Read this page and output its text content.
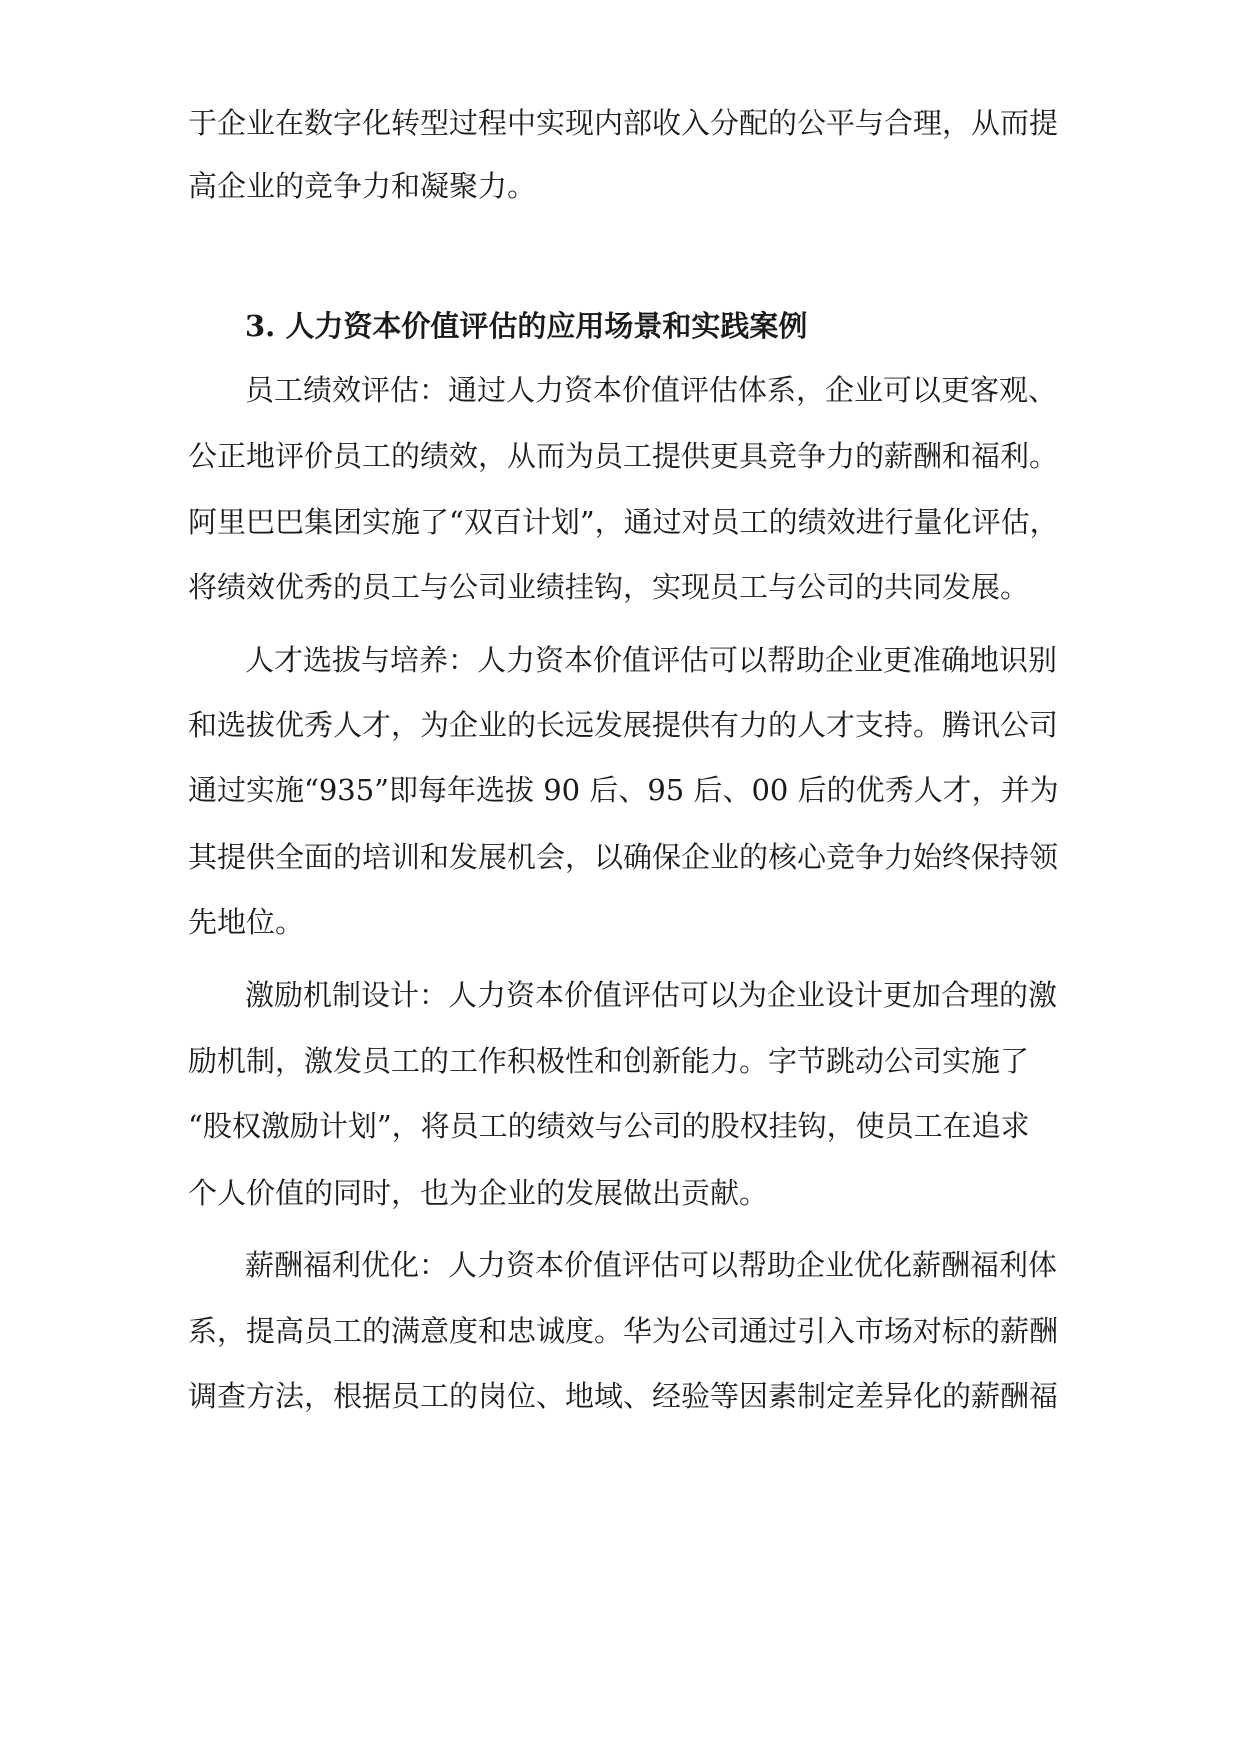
于企业在数字化转型过程中实现内部收入分配的公平与合理，从而提

高企业的竞争力和凝聚力。

3. 人力资本价值评估的应用场景和实践案例

员工绩效评估：通过人力资本价值评估体系，企业可以更客观、

公正地评价员工的绩效，从而为员工提供更具竞争力的薪酬和福利。

阿里巴巴集团实施了“双百计划”，通过对员工的绩效进行量化评估，

将绩效优秀的员工与公司业绩挂钩，实现员工与公司的共同发展。

人才选拔与培养：人力资本价值评估可以帮助企业更准确地识别

和选拔优秀人才，为企业的长远发展提供有力的人才支持。腾讯公司

通过实施“935”即每年选拔 90 后、95 后、00 后的优秀人才，并为

其提供全面的培训和发展机会，以确保企业的核心竞争力始终保持领

先地位。

激励机制设计：人力资本价值评估可以为企业设计更加合理的激

励机制，激发员工的工作积极性和创新能力。字节跳动公司实施了

“股权激励计划”，将员工的绩效与公司的股权挂钩，使员工在追求

个人价值的同时，也为企业的发展做出贡献。

薪酬福利优化：人力资本价值评估可以帮助企业优化薪酬福利体

系，提高员工的满意度和忠诚度。华为公司通过引入市场对标的薪酬

调查方法，根据员工的岗位、地域、经验等因素制定差异化的薪酬福
